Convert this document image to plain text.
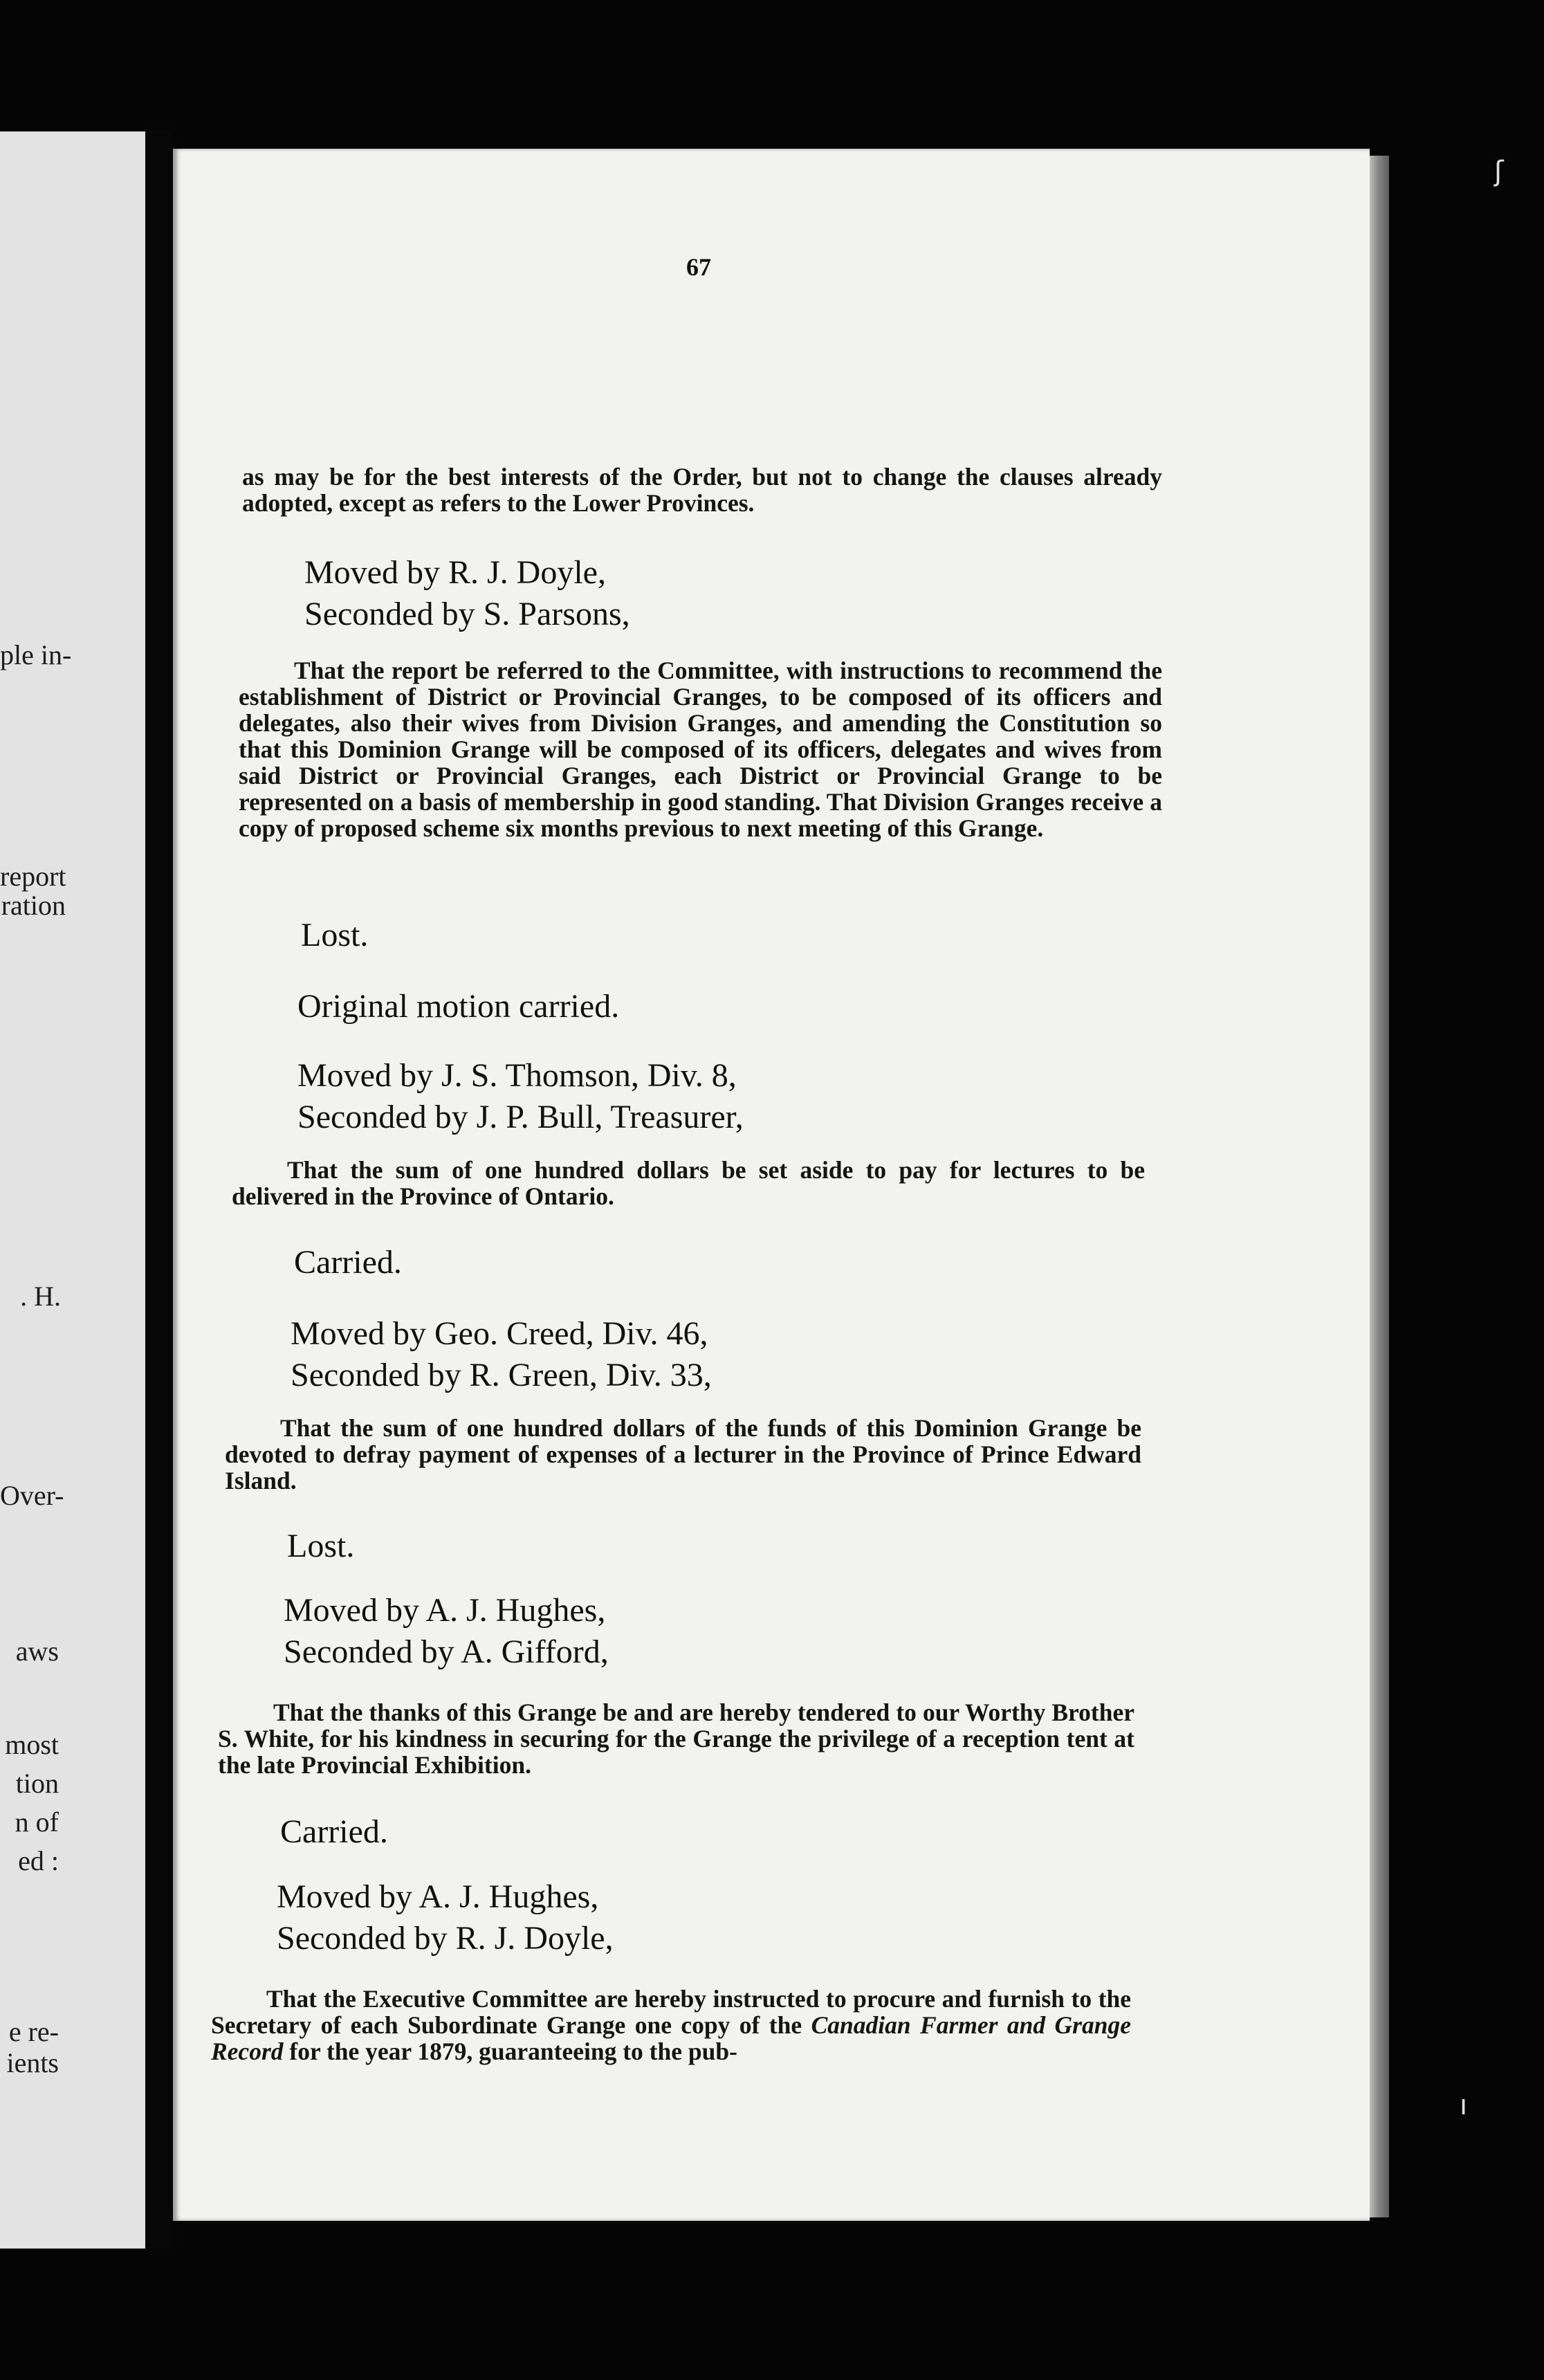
ple in-
report
ration
. H.
Over-
aws
most
tion
n of
ed :
e re-
ients
67
as may be for the best interests of the Order, but not to change the clauses already adopted, except as refers to the Lower Provinces.
Moved by R. J. Doyle,
Seconded by S. Parsons,
That the report be referred to the Committee, with instructions to recommend the establishment of District or Provincial Granges, to be composed of its officers and delegates, also their wives from Division Granges, and amending the Constitution so that this Dominion Grange will be composed of its officers, delegates and wives from said District or Provincial Granges, each District or Provincial Grange to be represented on a basis of membership in good standing. That Division Granges receive a copy of proposed scheme six months previous to next meeting of this Grange.
Lost.
Original motion carried.
Moved by J. S. Thomson, Div. 8,
Seconded by J. P. Bull, Treasurer,
That the sum of one hundred dollars be set aside to pay for lectures to be delivered in the Province of Ontario.
Carried.
Moved by Geo. Creed, Div. 46,
Seconded by R. Green, Div. 33,
That the sum of one hundred dollars of the funds of this Dominion Grange be devoted to defray payment of expenses of a lecturer in the Province of Prince Edward Island.
Lost.
Moved by A. J. Hughes,
Seconded by A. Gifford,
That the thanks of this Grange be and are hereby tendered to our Worthy Brother S. White, for his kindness in securing for the Grange the privilege of a reception tent at the late Provincial Exhibition.
Carried.
Moved by A. J. Hughes,
Seconded by R. J. Doyle,
That the Executive Committee are hereby instructed to procure and furnish to the Secretary of each Subordinate Grange one copy of the Canadian Farmer and Grange Record for the year 1879, guaranteeing to the pub-
ʃ
ı
